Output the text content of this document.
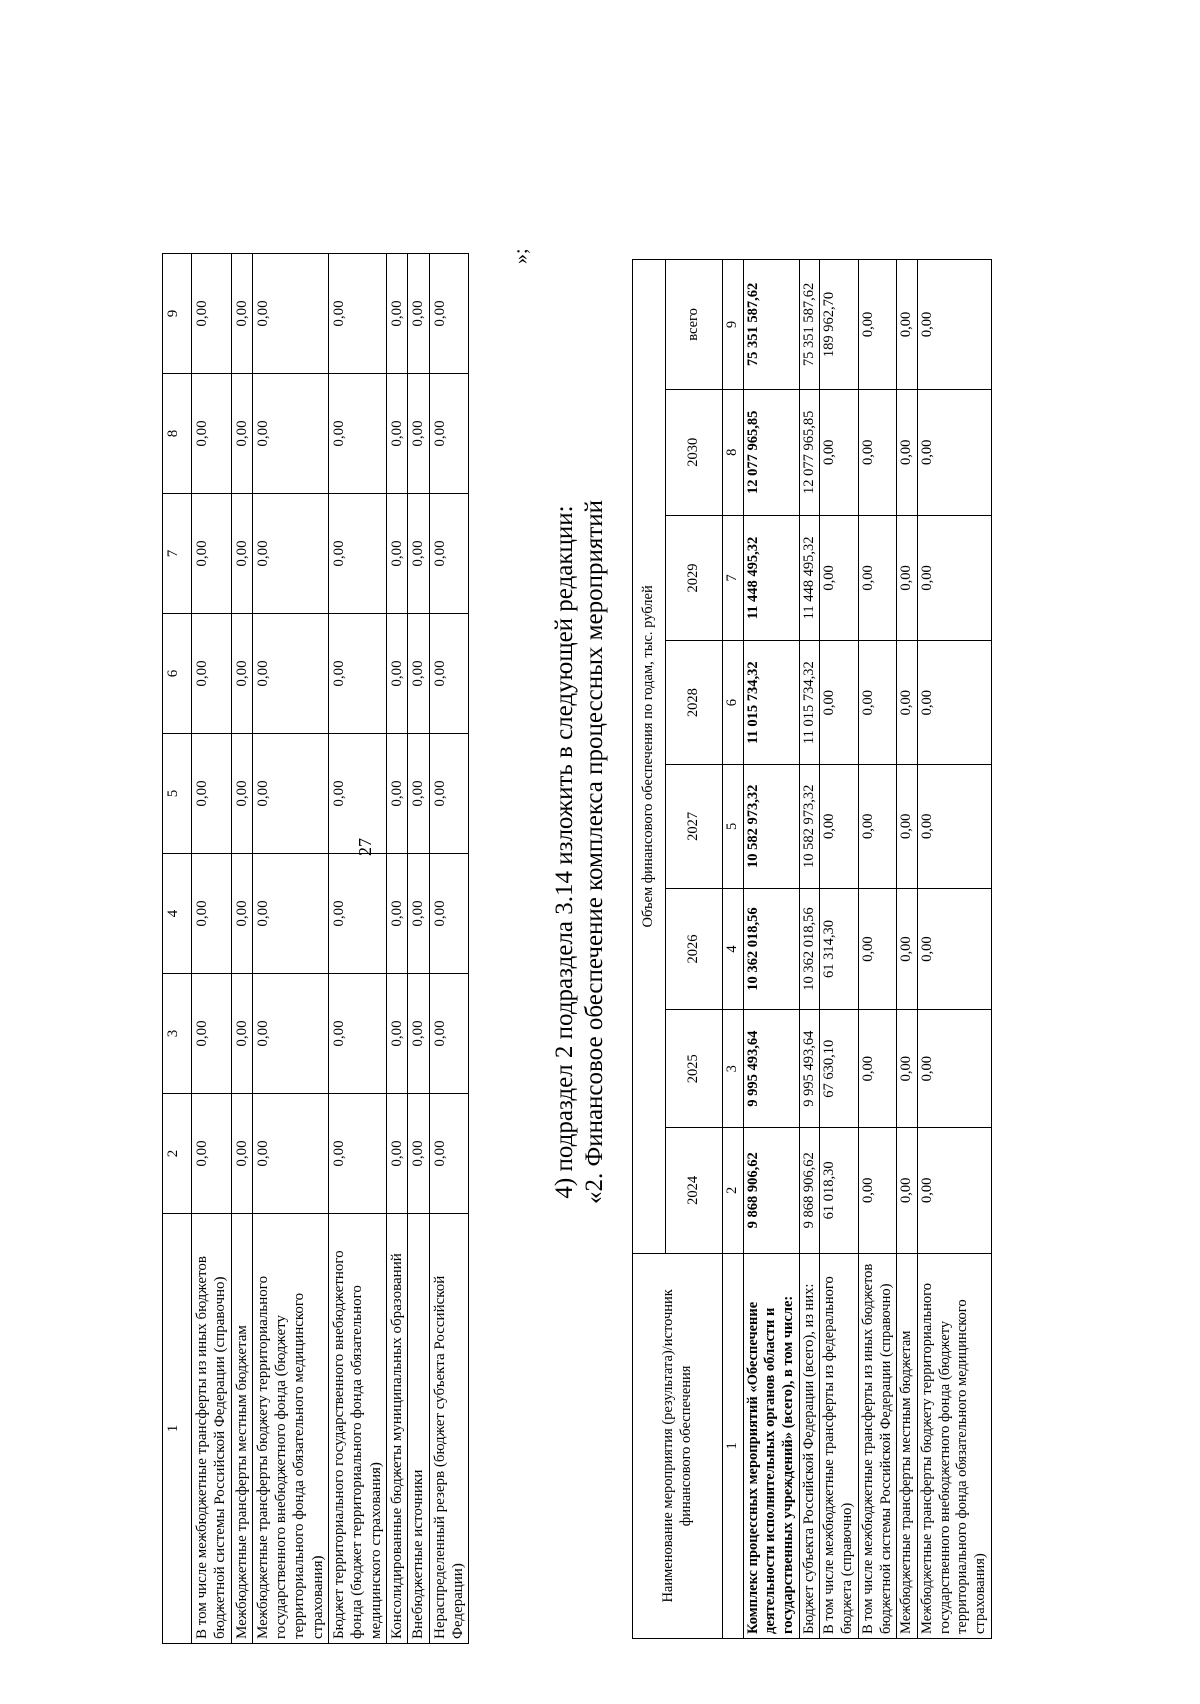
27
1	2	3	4	5	6	7	8	9
В том числе межбюджетные трансферты из иных бюджетов бюджетной системы Российской Федерации (справочно)	0,00	0,00	0,00	0,00	0,00	0,00	0,00	0,00
Межбюджетные трансферты местным бюджетам	0,00	0,00	0,00	0,00	0,00	0,00	0,00	0,00
Межбюджетные трансферты бюджету территориального государственного внебюджетного фонда (бюджету территориального фонда обязательного медицинского страхования)	0,00	0,00	0,00	0,00	0,00	0,00	0,00	0,00
Бюджет территориального государственного внебюджетного фонда (бюджет территориального фонда обязательного медицинского страхования)	0,00	0,00	0,00	0,00	0,00	0,00	0,00	0,00
Консолидированные бюджеты муниципальных образований	0,00	0,00	0,00	0,00	0,00	0,00	0,00	0,00
Внебюджетные источники	0,00	0,00	0,00	0,00	0,00	0,00	0,00	0,00
Нераспределенный резерв (бюджет субъекта Российской Федерации)	0,00	0,00	0,00	0,00	0,00	0,00	0,00	0,00
»;
4) подраздел 2 подраздела 3.14 изложить в следующей редакции: «2. Финансовое обеспечение комплекса процессных мероприятий
Наименование мероприятия (результата)/источник финансового обеспечения	Объем финансового обеспечения по годам, тыс. рублей							
	2024	2025	2026	2027	2028	2029	2030	всего
1	2	3	4	5	6	7	8	9
Комплекс процессных мероприятий «Обеспечение деятельности исполнительных органов области и государственных учреждений» (всего), в том числе:	9 868 906,62	9 995 493,64	10 362 018,56	10 582 973,32	11 015 734,32	11 448 495,32	12 077 965,85	75 351 587,62
Бюджет субъекта Российской Федерации (всего), из них:	9 868 906,62	9 995 493,64	10 362 018,56	10 582 973,32	11 015 734,32	11 448 495,32	12 077 965,85	75 351 587,62
В том числе межбюджетные трансферты из федерального бюджета (справочно)	61 018,30	67 630,10	61 314,30	0,00	0,00	0,00	0,00	189 962,70
В том числе межбюджетные трансферты из иных бюджетов бюджетной системы Российской Федерации (справочно)	0,00	0,00	0,00	0,00	0,00	0,00	0,00	0,00
Межбюджетные трансферты местным бюджетам	0,00	0,00	0,00	0,00	0,00	0,00	0,00	0,00
Межбюджетные трансферты бюджету территориального государственного внебюджетного фонда (бюджету территориального фонда обязательного медицинского страхования)	0,00	0,00	0,00	0,00	0,00	0,00	0,00	0,00
